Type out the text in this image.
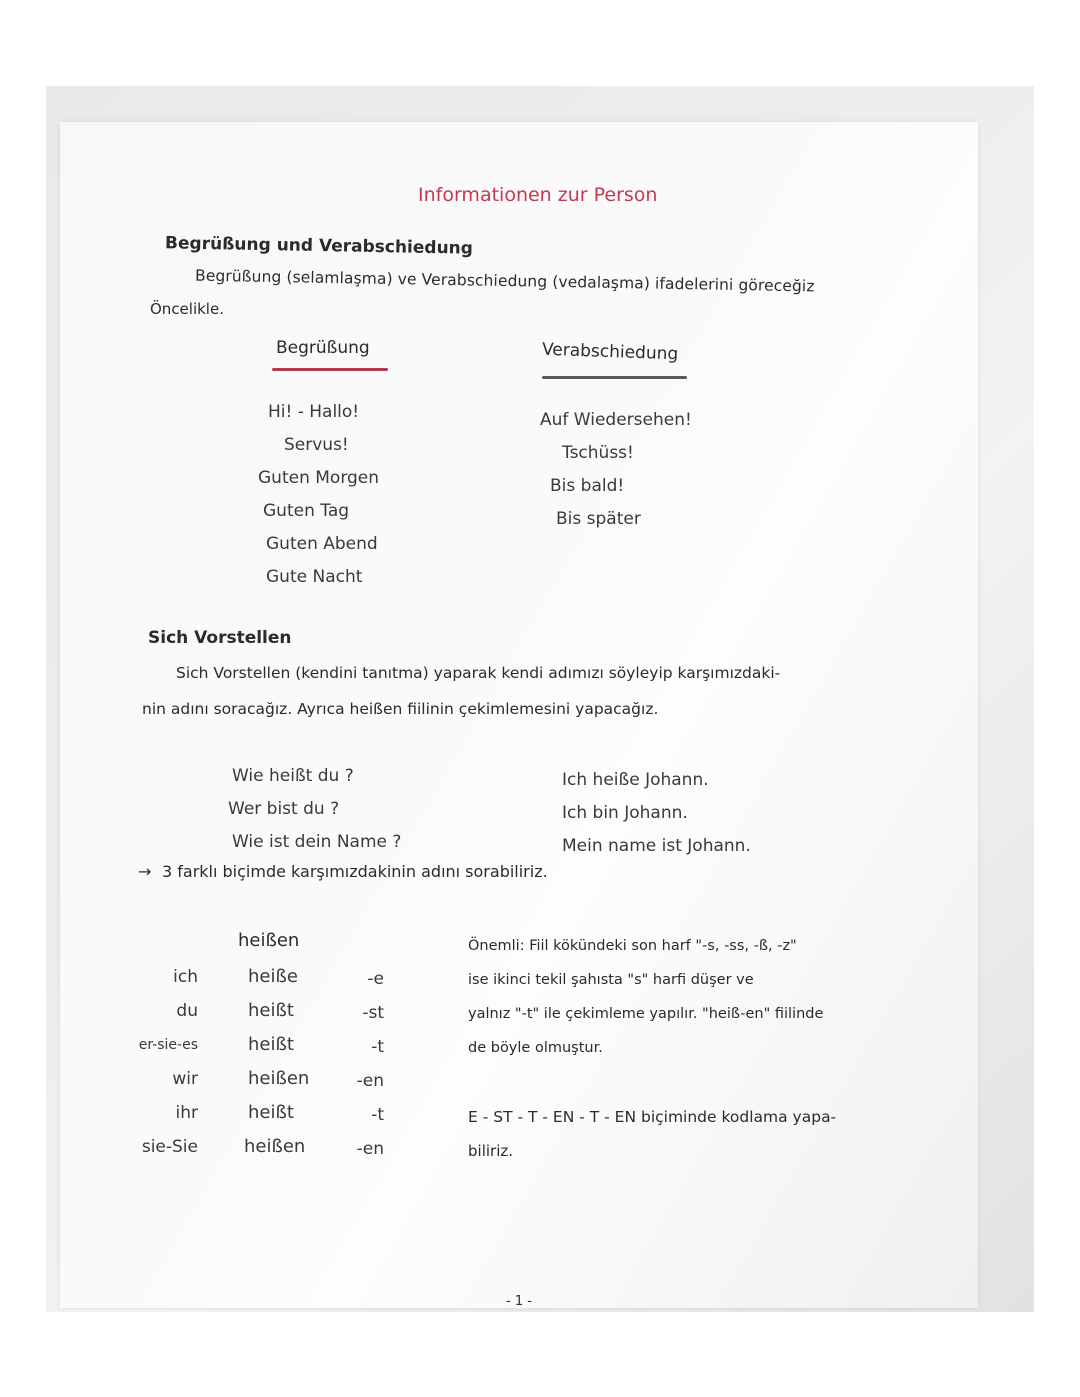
Informationen zur Person
Begrüßung und Verabschiedung
Begrüßung (selamlaşma) ve Verabschiedung (vedalaşma) ifadelerini göreceğiz
Öncelikle.
Begrüßung
Hi! - Hallo!
Servus!
Guten Morgen
Guten Tag
Guten Abend
Gute Nacht
Verabschiedung
Auf Wiedersehen!
Tschüss!
Bis bald!
Bis später
Sich Vorstellen
Sich Vorstellen (kendini tanıtma) yaparak kendi adımızı söyleyip karşımızdaki-
nin adını soracağız. Ayrıca heißen fiilinin çekimlemesini yapacağız.
Wie heißt du ?
Wer bist du ?
Wie ist dein Name ?
Ich heiße Johann.
Ich bin Johann.
Mein name ist Johann.
→ 3 farklı biçimde karşımızdakinin adını sorabiliriz.
heißen
ich
du
er-sie-es
wir
ihr
sie-Sie
heiße
heißt
heißt
heißen
heißt
heißen
-e
-st
-t
-en
-t
-en
Önemli: Fiil kökündeki son harf "-s, -ss, -ß, -z"
ise ikinci tekil şahısta "s" harfi düşer ve
yalnız "-t" ile çekimleme yapılır. "heiß-en" fiilinde
de böyle olmuştur.
E - ST - T - EN - T - EN biçiminde kodlama yapa-
biliriz.
- 1 -
